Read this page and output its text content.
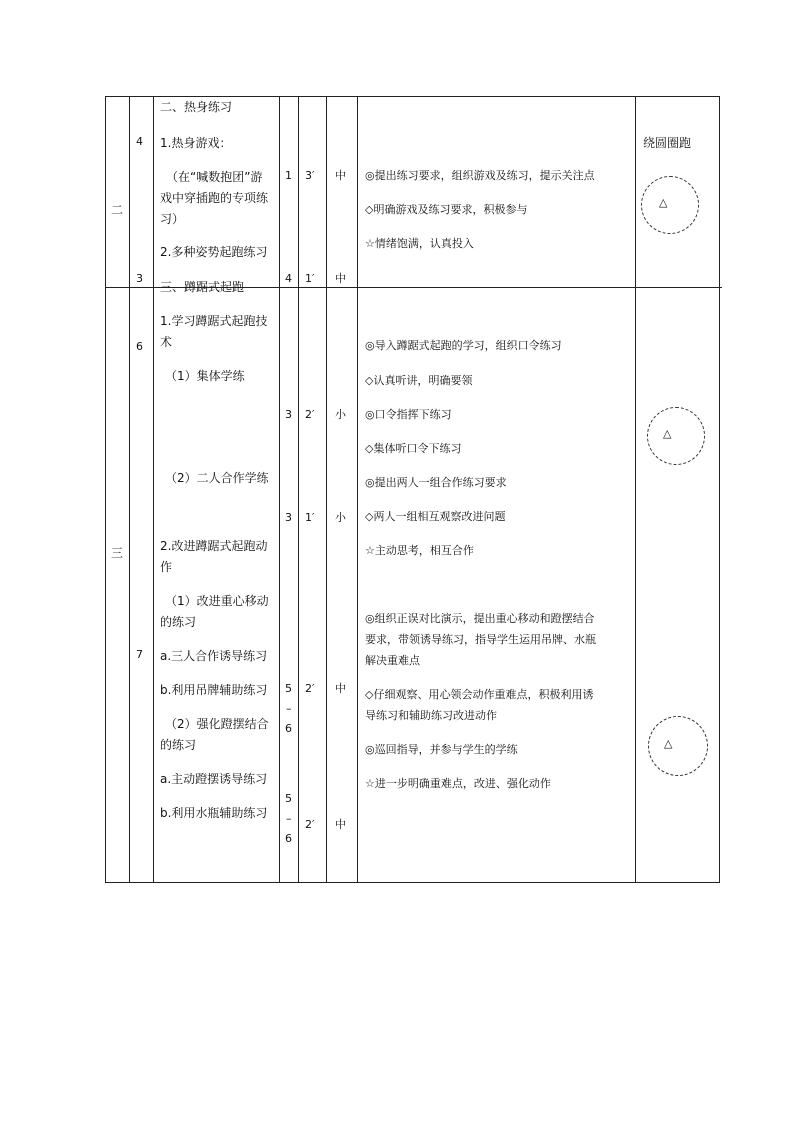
二
4
3
二、热身练习
1.热身游戏：
（在“喊数抱团”游
戏中穿插跑的专项练
习）
2.多种姿势起跑练习
1
4
3′
1′
中
中
◎提出练习要求，组织游戏及练习，提示关注点
◇明确游戏及练习要求，积极参与
☆情绪饱满，认真投入
绕圆圈跑
△
三
6
7
三、蹲踞式起跑
1.学习蹲踞式起跑技
术
（1）集体学练
（2）二人合作学练
2.改进蹲踞式起跑动
作
（1）改进重心移动
的练习
a.三人合作诱导练习
b.利用吊牌辅助练习
（2）强化蹬摆结合
的练习
a.主动蹬摆诱导练习
b.利用水瓶辅助练习
3
3
5
–
6
5
–
6
2′
1′
2′
2′
小
小
中
中
◎导入蹲踞式起跑的学习，组织口令练习
◇认真听讲，明确要领
◎口令指挥下练习
◇集体听口令下练习
◎提出两人一组合作练习要求
◇两人一组相互观察改进问题
☆主动思考，相互合作
◎组织正误对比演示，提出重心移动和蹬摆结合
要求，带领诱导练习，指导学生运用吊牌、水瓶
解决重难点
◇仔细观察、用心领会动作重难点，积极利用诱
导练习和辅助练习改进动作
◎巡回指导，并参与学生的学练
☆进一步明确重难点，改进、强化动作
△
△
